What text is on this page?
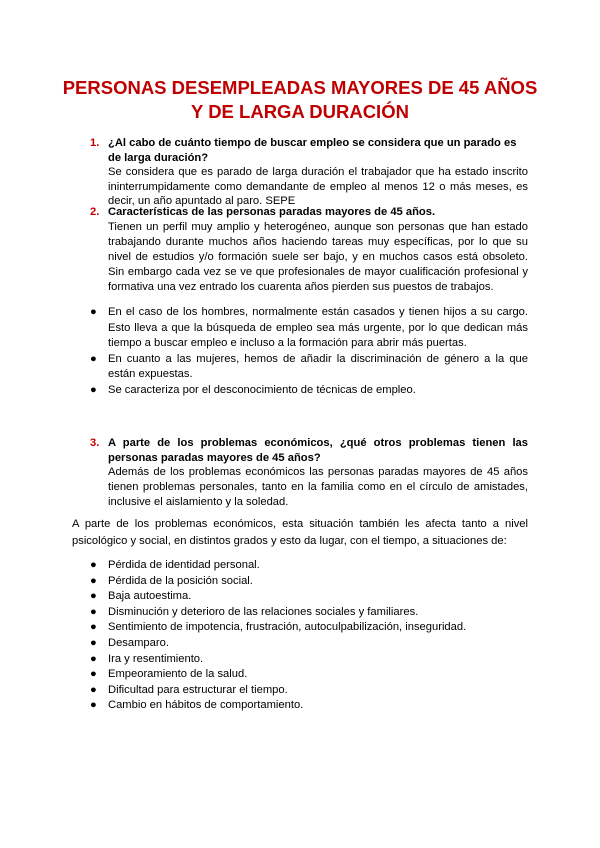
PERSONAS DESEMPLEADAS MAYORES DE 45 AÑOS Y DE LARGA DURACIÓN
1. ¿Al cabo de cuánto tiempo de buscar empleo se considera que un parado es de larga duración?
Se considera que es parado de larga duración el trabajador que ha estado inscrito ininterrumpidamente como demandante de empleo al menos 12 o más meses, es decir, un año apuntado al paro. SEPE
2. Características de las personas paradas mayores de 45 años.
Tienen un perfil muy amplio y heterogéneo, aunque son personas que han estado trabajando durante muchos años haciendo tareas muy específicas, por lo que su nivel de estudios y/o formación suele ser bajo, y en muchos casos está obsoleto. Sin embargo cada vez se ve que profesionales de mayor cualificación profesional y formativa una vez entrado los cuarenta años pierden sus puestos de trabajos.
● En el caso de los hombres, normalmente están casados y tienen hijos a su cargo. Esto lleva a que la búsqueda de empleo sea más urgente, por lo que dedican más tiempo a buscar empleo e incluso a la formación para abrir más puertas.
● En cuanto a las mujeres, hemos de añadir la discriminación de género a la que están expuestas.
● Se caracteriza por el desconocimiento de técnicas de empleo.
3. A parte de los problemas económicos, ¿qué otros problemas tienen las personas paradas mayores de 45 años?
Además de los problemas económicos las personas paradas mayores de 45 años tienen problemas personales, tanto en la familia como en el círculo de amistades, inclusive el aislamiento y la soledad.

A parte de los problemas económicos, esta situación también les afecta tanto a nivel psicológico y social, en distintos grados y esto da lugar, con el tiempo, a situaciones de:

● Pérdida de identidad personal.
● Pérdida de la posición social.
● Baja autoestima.
● Disminución y deterioro de las relaciones sociales y familiares.
● Sentimiento de impotencia, frustración, autoculpabilización, inseguridad.
● Desamparo.
● Ira y resentimiento.
● Empeoramiento de la salud.
● Dificultad para estructurar el tiempo.
● Cambio en hábitos de comportamiento.
